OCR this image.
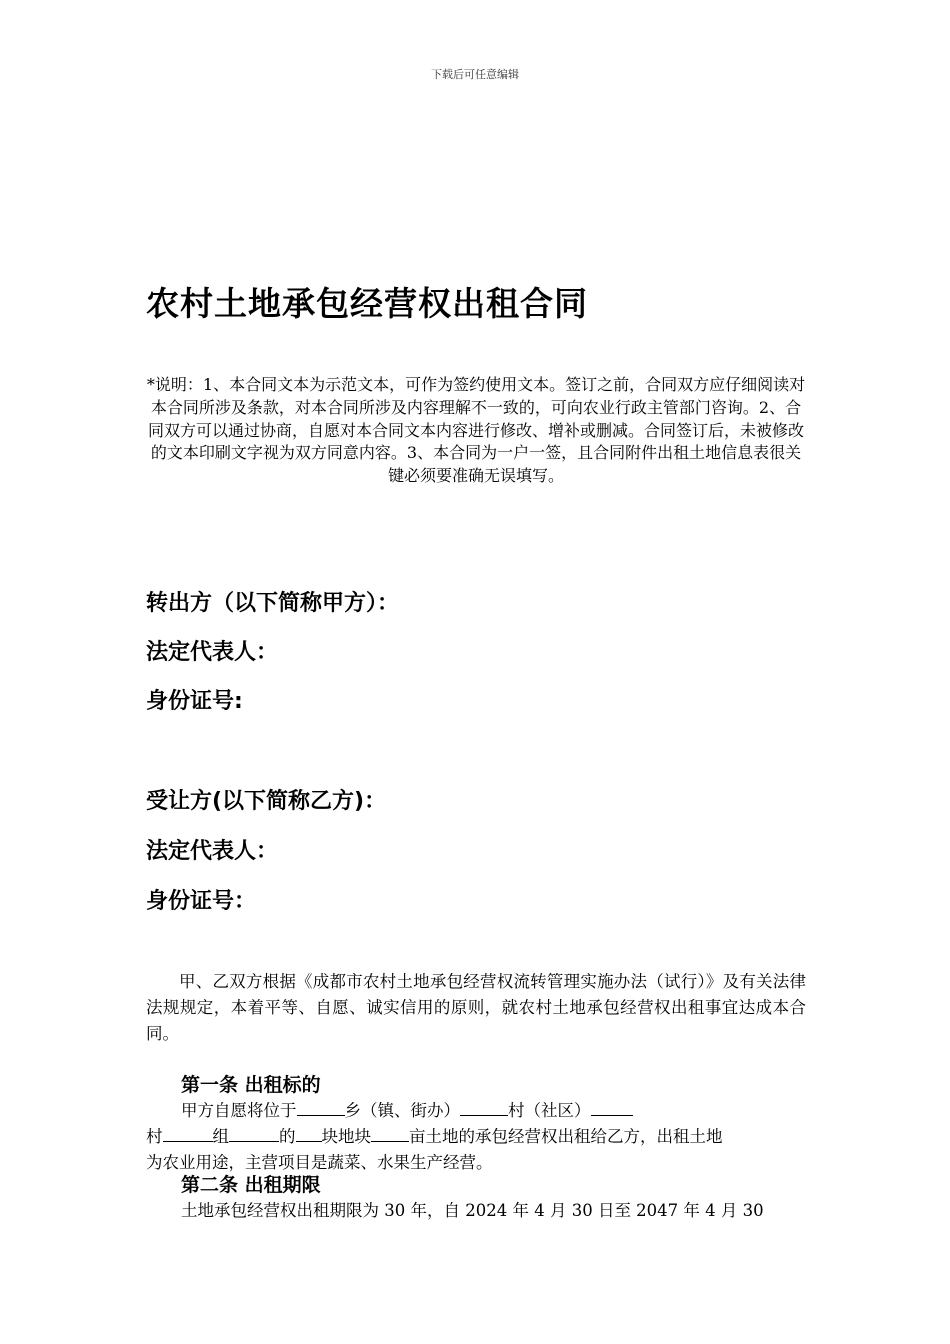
下载后可任意编辑
农村土地承包经营权出租合同
*说明：1、本合同文本为示范文本，可作为签约使用文本。签订之前，合同双方应仔细阅读对本合同所涉及条款，对本合同所涉及内容理解不一致的，可向农业行政主管部门咨询。2、合同双方可以通过协商，自愿对本合同文本内容进行修改、增补或删减。合同签订后，未被修改的文本印刷文字视为双方同意内容。3、本合同为一户一签，且合同附件出租土地信息表很关键必须要准确无误填写。
转出方（以下简称甲方）：
法定代表人：
身份证号:
受让方(以下简称乙方)：
法定代表人：
身份证号：
甲、乙双方根据《成都市农村土地承包经营权流转管理实施办法（试行）》及有关法律法规规定，本着平等、自愿、诚实信用的原则，就农村土地承包经营权出租事宜达成本合同。
第一条 出租标的
甲方自愿将位于	乡（镇、街办）	村（社区）
村	组	的 块地块 亩土地的承包经营权出租给乙方，出租土地
为农业用途，主营项目是蔬菜、水果生产经营。
第二条 出租期限
土地承包经营权出租期限为 30 年，自 2024 年 4 月 30 日至 2047 年 4 月 30
